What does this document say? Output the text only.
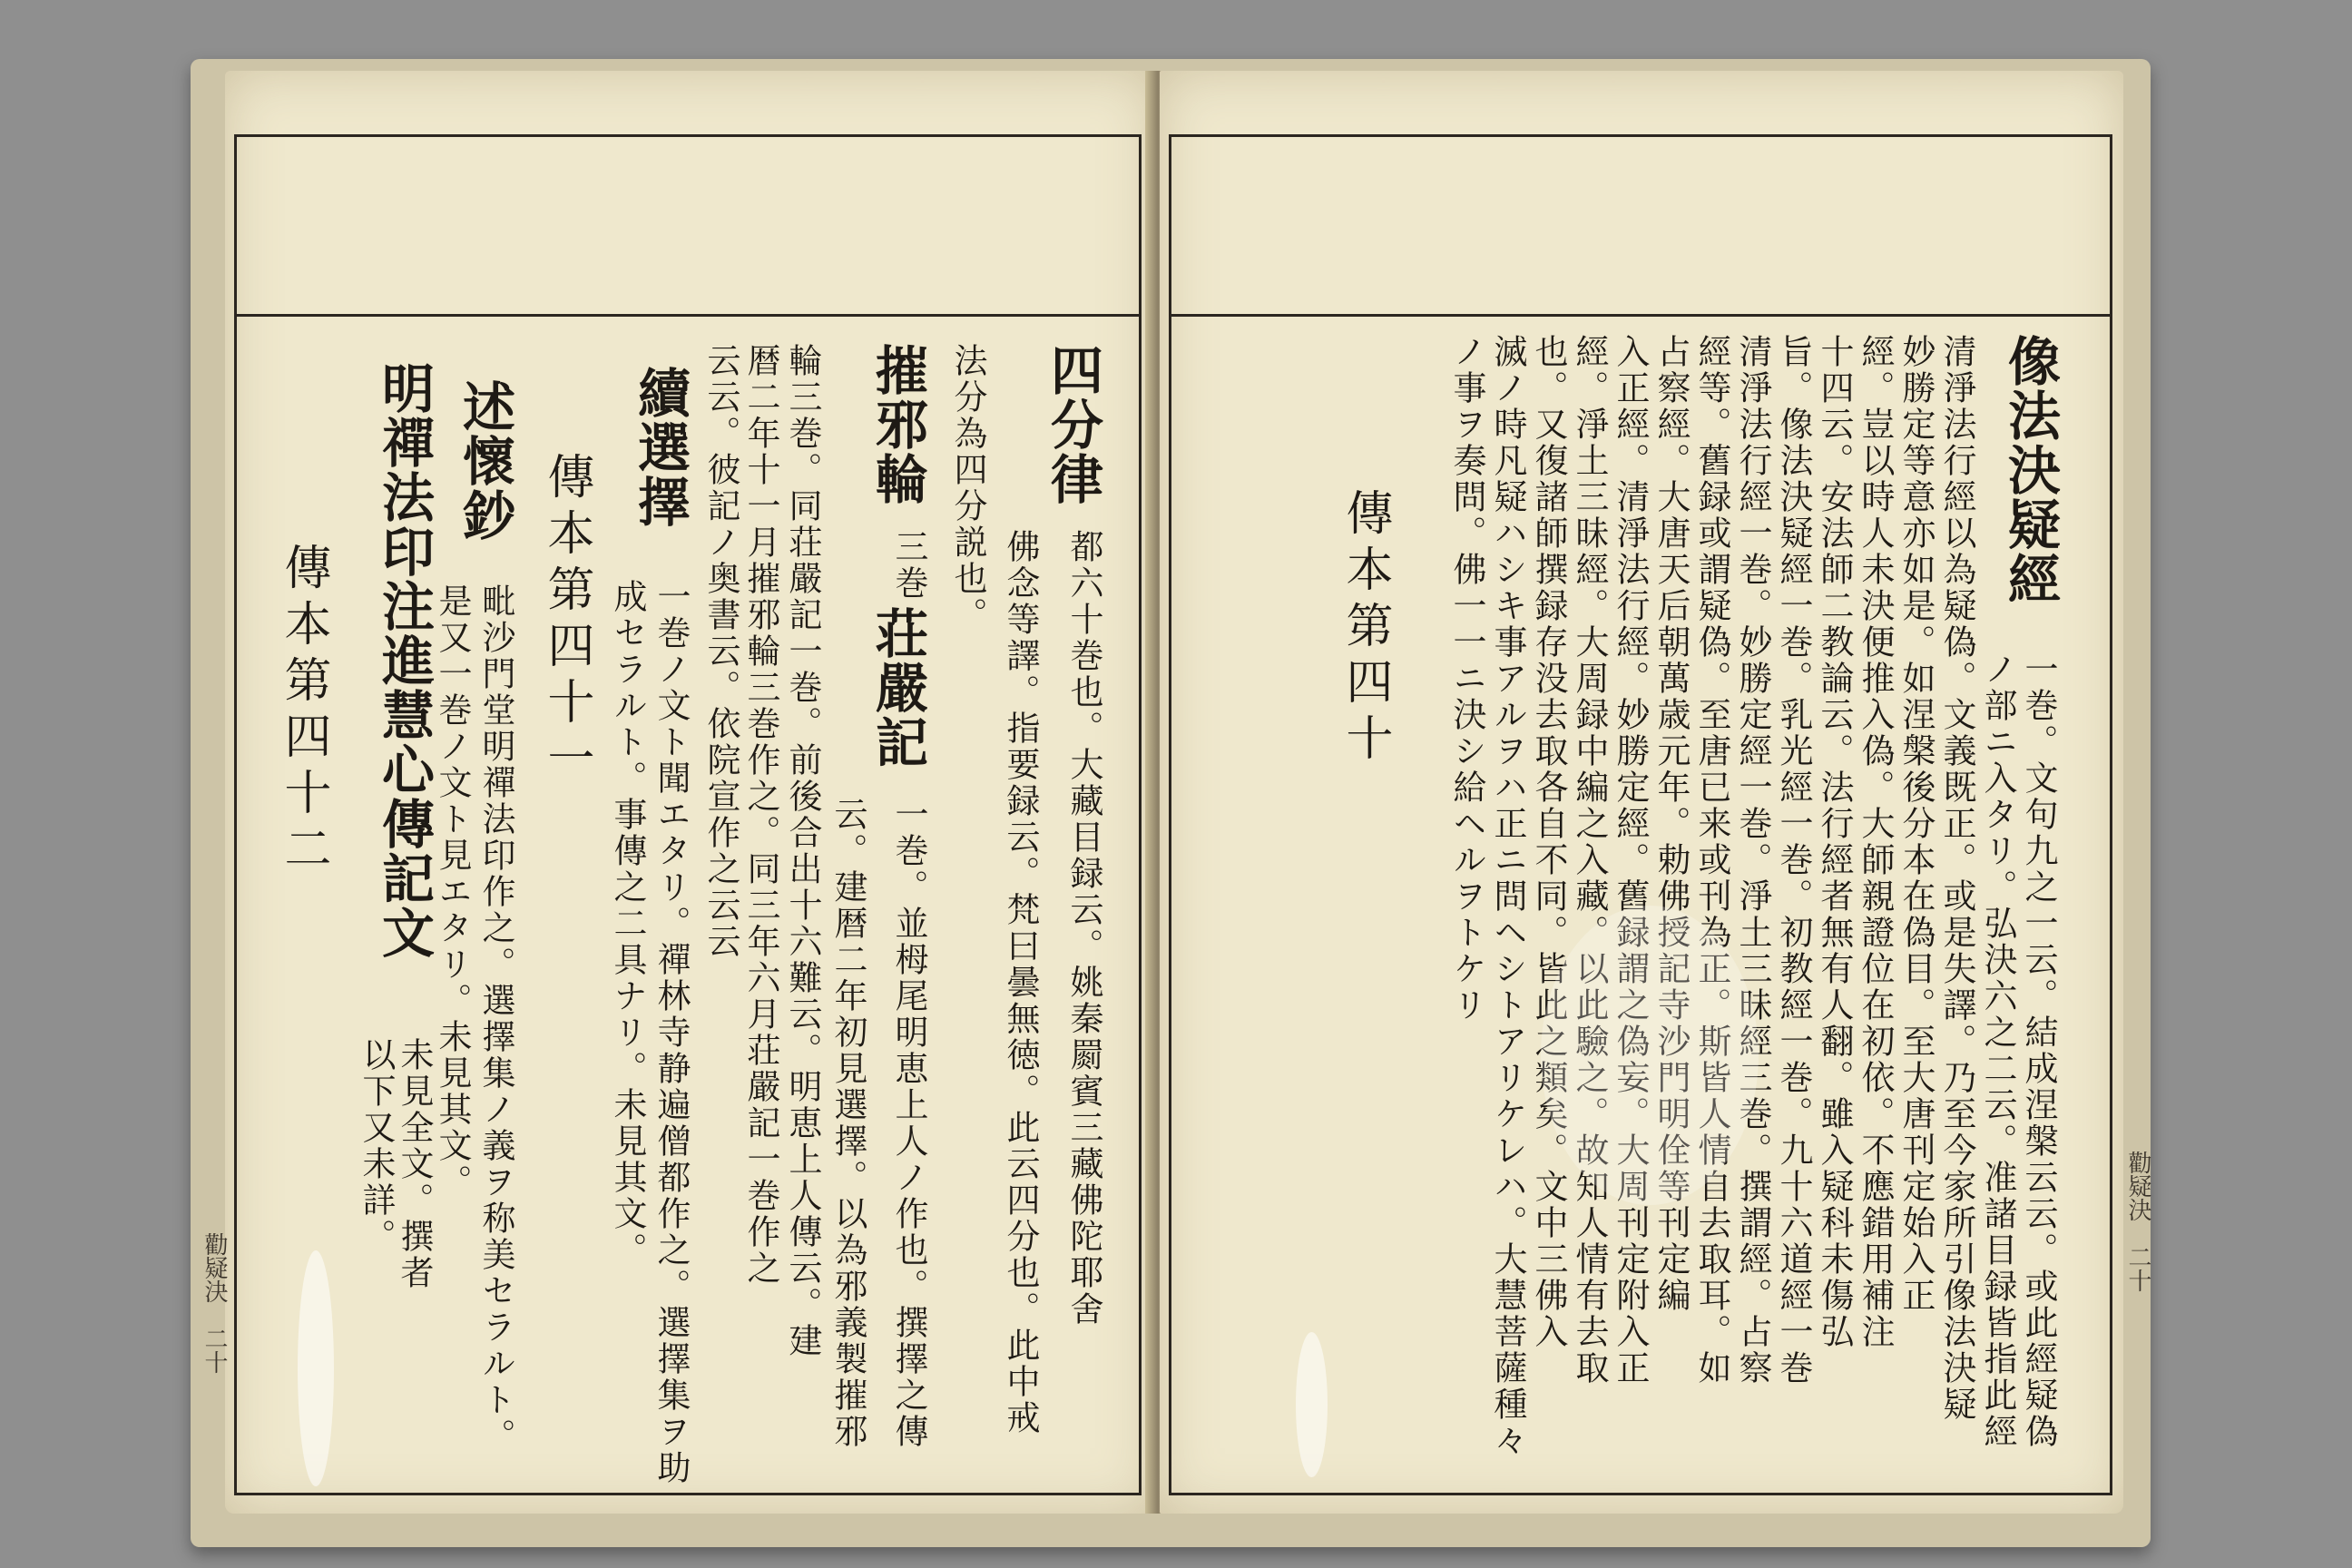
四分律
都六十巻也。大藏目録云。姚秦罽賓三藏佛陀耶舍
佛念等譯。指要録云。梵曰曇無徳。此云四分也。此中戒
法分為四分説也。
摧邪輪
三巻
荘嚴記
一巻。並栂尾明恵上人ノ作也。撰擇之傳
云。建暦二年初見選擇。以為邪義製摧邪
輪三巻。同荘嚴記一巻。前後合出十六難云。明恵上人傳云。建
暦二年十一月摧邪輪三巻作之。同三年六月荘嚴記一巻作之
云云。彼記ノ奥書云。依院宣作之云云
續選擇
一巻ノ文ト聞エタリ。禪林寺静遍僧都作之。選擇集ヲ助
成セラルト。事傳之二具ナリ。未見其文。
傳本第四十一
述懷鈔
毗沙門堂明禪法印作之。選擇集ノ義ヲ称美セラルト。
是又一巻ノ文ト見エタリ。未見其文。
明禪法印注進慧心傳記文
未見全文。撰者
以下又未詳。
傳本第四十二
勸疑決　二十
像法決疑經
一巻。文句九之一云。結成涅槃云云。或此經疑偽
ノ部ニ入タリ。弘決六之二云。准諸目録皆指此經
清淨法行經以為疑偽。文義既正。或是失譯。乃至今家所引像法決疑
妙勝定等意亦如是。如涅槃後分本在偽目。至大唐刊定始入正
經。豈以時人未決便推入偽。大師親證位在初依。不應錯用補注
十四云。安法師二教論云。法行經者無有人翻。雖入疑科未傷弘
旨。像法決疑經一巻。乳光經一巻。初教經一巻。九十六道經一巻
清淨法行經一巻。妙勝定經一巻。淨土三昧經三巻。撰謂經。占察
經等。舊録或謂疑偽。至唐已来或刊為正。斯皆人情自去取耳。如
占察經。大唐天后朝萬歳元年。勅佛授記寺沙門明佺等刊定編
入正經。清淨法行經。妙勝定經。舊録謂之偽妄。大周刊定附入正
經。淨土三昧經。大周録中編之入藏。以此驗之。故知人情有去取
也。又復諸師撰録存没去取各自不同。皆此之類矣。文中三佛入
滅ノ時凡疑ハシキ事アルヲハ正ニ問ヘシトアリケレハ。大慧菩薩種々
ノ事ヲ奏問。佛一一ニ決シ給ヘルヲトケリ
傳本第四十
勸疑決　二十
